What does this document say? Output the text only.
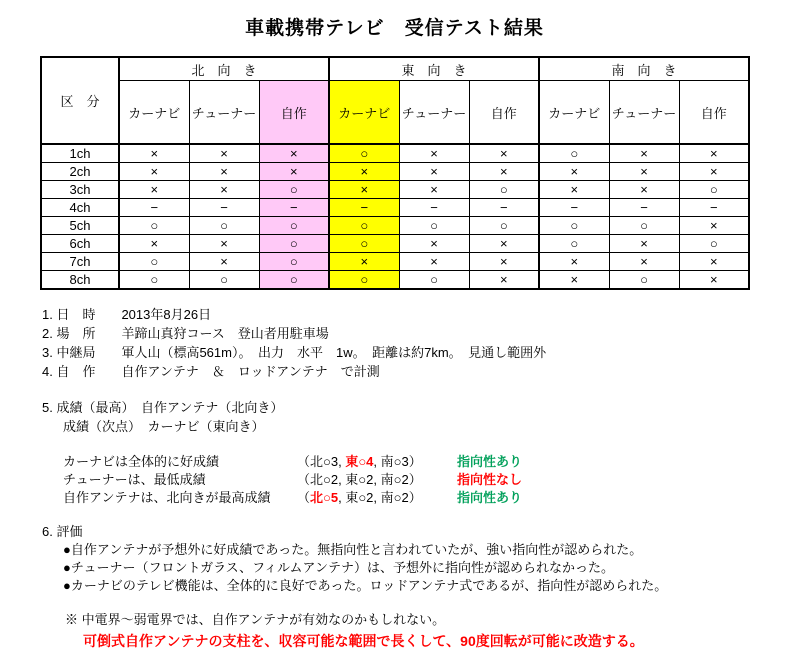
車載携帯テレビ　受信テスト結果
区　分	北　向　き			東　向　き			南　向　き		
	カーナビ	チューナー	自作	カーナビ	チューナー	自作	カーナビ	チューナー	自作
1ch	×	×	×	○	×	×	○	×	×
2ch	×	×	×	×	×	×	×	×	×
3ch	×	×	○	×	×	○	×	×	○
4ch	−	−	−	−	−	−	−	−	−
5ch	○	○	○	○	○	○	○	○	×
6ch	×	×	○	○	×	×	○	×	○
7ch	○	×	○	×	×	×	×	×	×
8ch	○	○	○	○	○	×	×	○	×
1. 日　時　　2013年8月26日
2. 場　所　　羊蹄山真狩コース　登山者用駐車場
3. 中継局　　軍人山（標高561m）。　出力　水平　1w。　距離は約7km。　見通し範囲外
4. 自　作　　自作アンテナ　＆　ロッドアンテナ　で計測
5. 成績（最高）　自作アンテナ（北向き）
成績（次点）　カーナビ（東向き）
カーナビは全体的に好成績	（北○3, 東○4, 南○3）	指向性あり
チューナーは、最低成績	（北○2, 東○2, 南○2）	指向性なし
自作アンテナは、北向きが最高成績	（北○5, 東○2, 南○2）	指向性あり
6. 評価
●自作アンテナが予想外に好成績であった。無指向性と言われていたが、強い指向性が認められた。
●チューナー（フロントガラス、フィルムアンテナ）は、予想外に指向性が認められなかった。
●カーナビのテレビ機能は、全体的に良好であった。ロッドアンテナ式であるが、指向性が認められた。
※ 中電界～弱電界では、自作アンテナが有効なのかもしれない。
可倒式自作アンテナの支柱を、収容可能な範囲で長くして、90度回転が可能に改造する。
